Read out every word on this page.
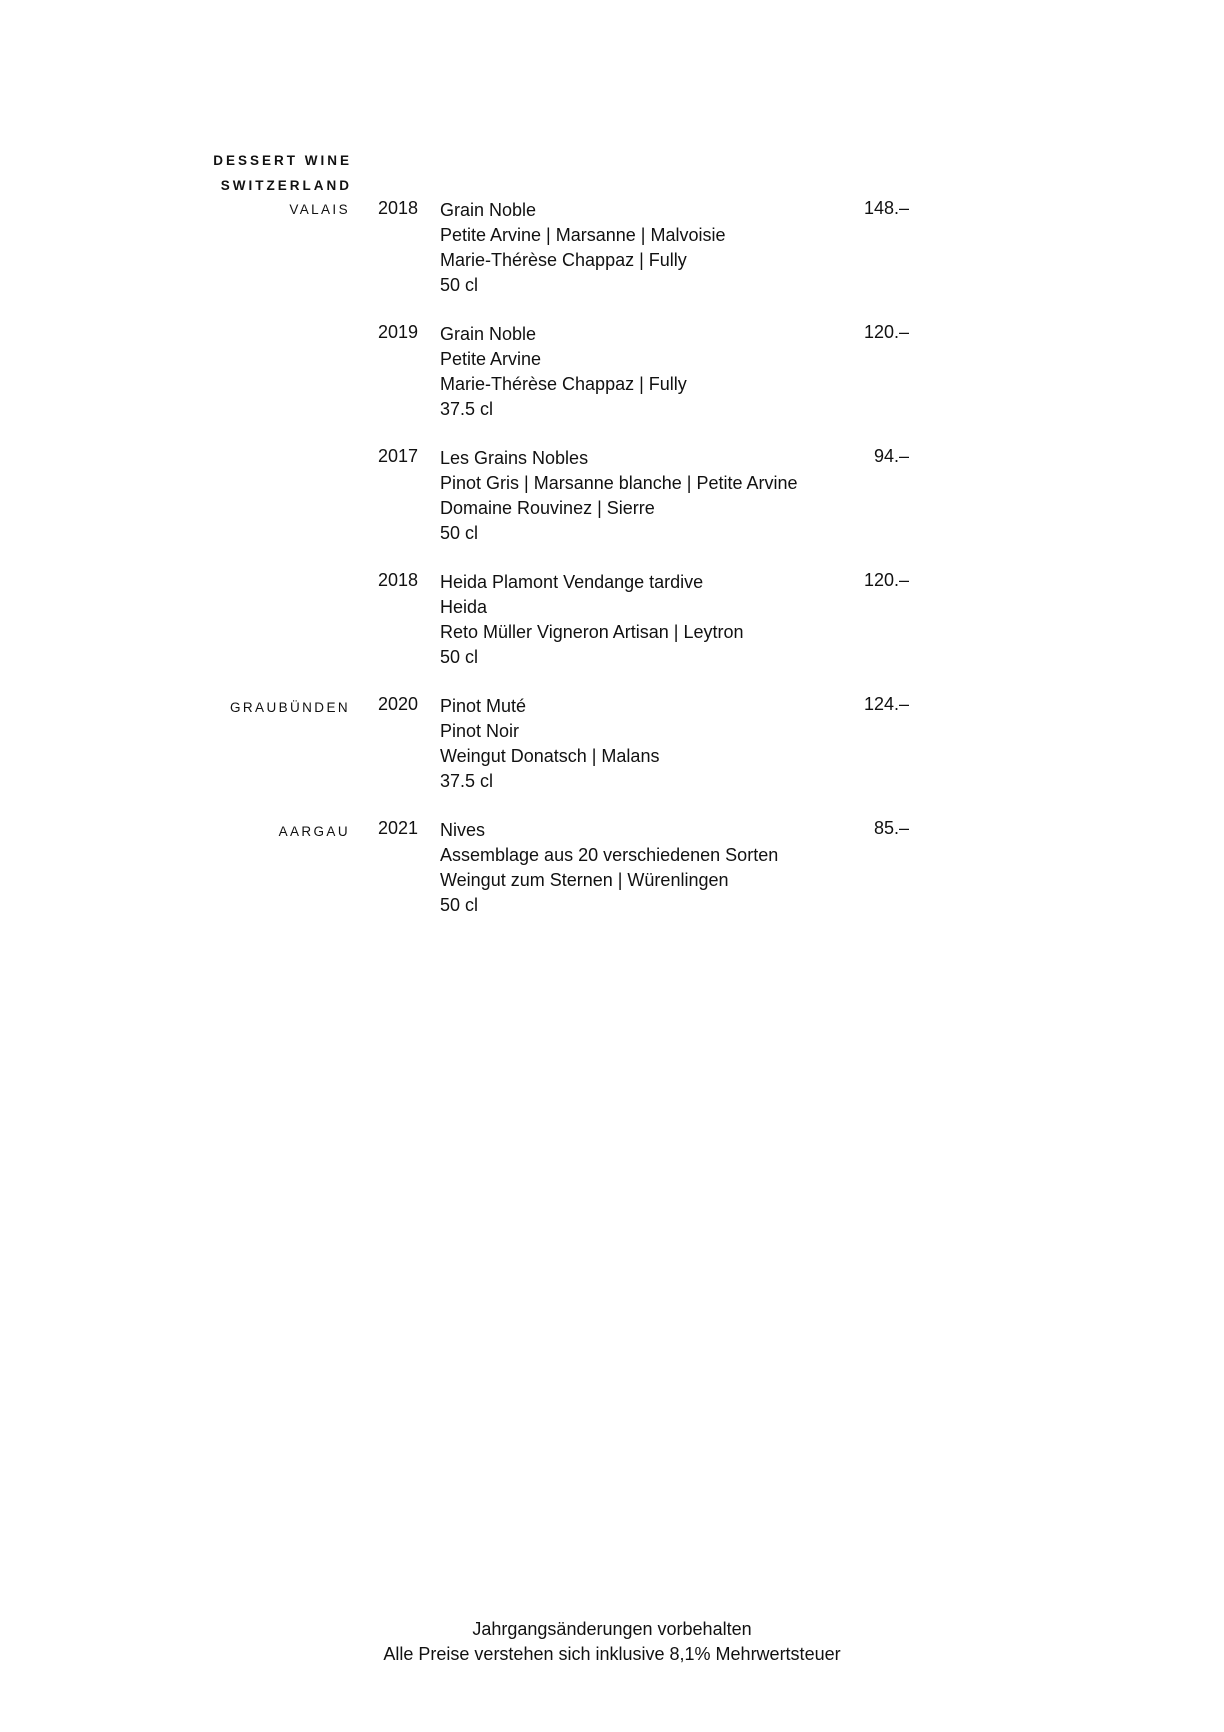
DESSERT WINE
SWITZERLAND
VALAIS
GRAUBÜNDEN
AARGAU
2018 Grain Noble
Petite Arvine | Marsanne | Malvoisie
Marie-Thérèse Chappaz | Fully
50 cl
148.–
2019 Grain Noble
Petite Arvine
Marie-Thérèse Chappaz | Fully
37.5 cl
120.–
2017 Les Grains Nobles
Pinot Gris | Marsanne blanche | Petite Arvine
Domaine Rouvinez | Sierre
50 cl
94.–
2018 Heida Plamont Vendange tardive
Heida
Reto Müller Vigneron Artisan | Leytron
50 cl
120.–
2020 Pinot Muté
Pinot Noir
Weingut Donatsch | Malans
37.5 cl
124.–
2021 Nives
Assemblage aus 20 verschiedenen Sorten
Weingut zum Sternen | Würenlingen
50 cl
85.–
Jahrgangsänderungen vorbehalten
Alle Preise verstehen sich inklusive 8,1% Mehrwertsteuer
